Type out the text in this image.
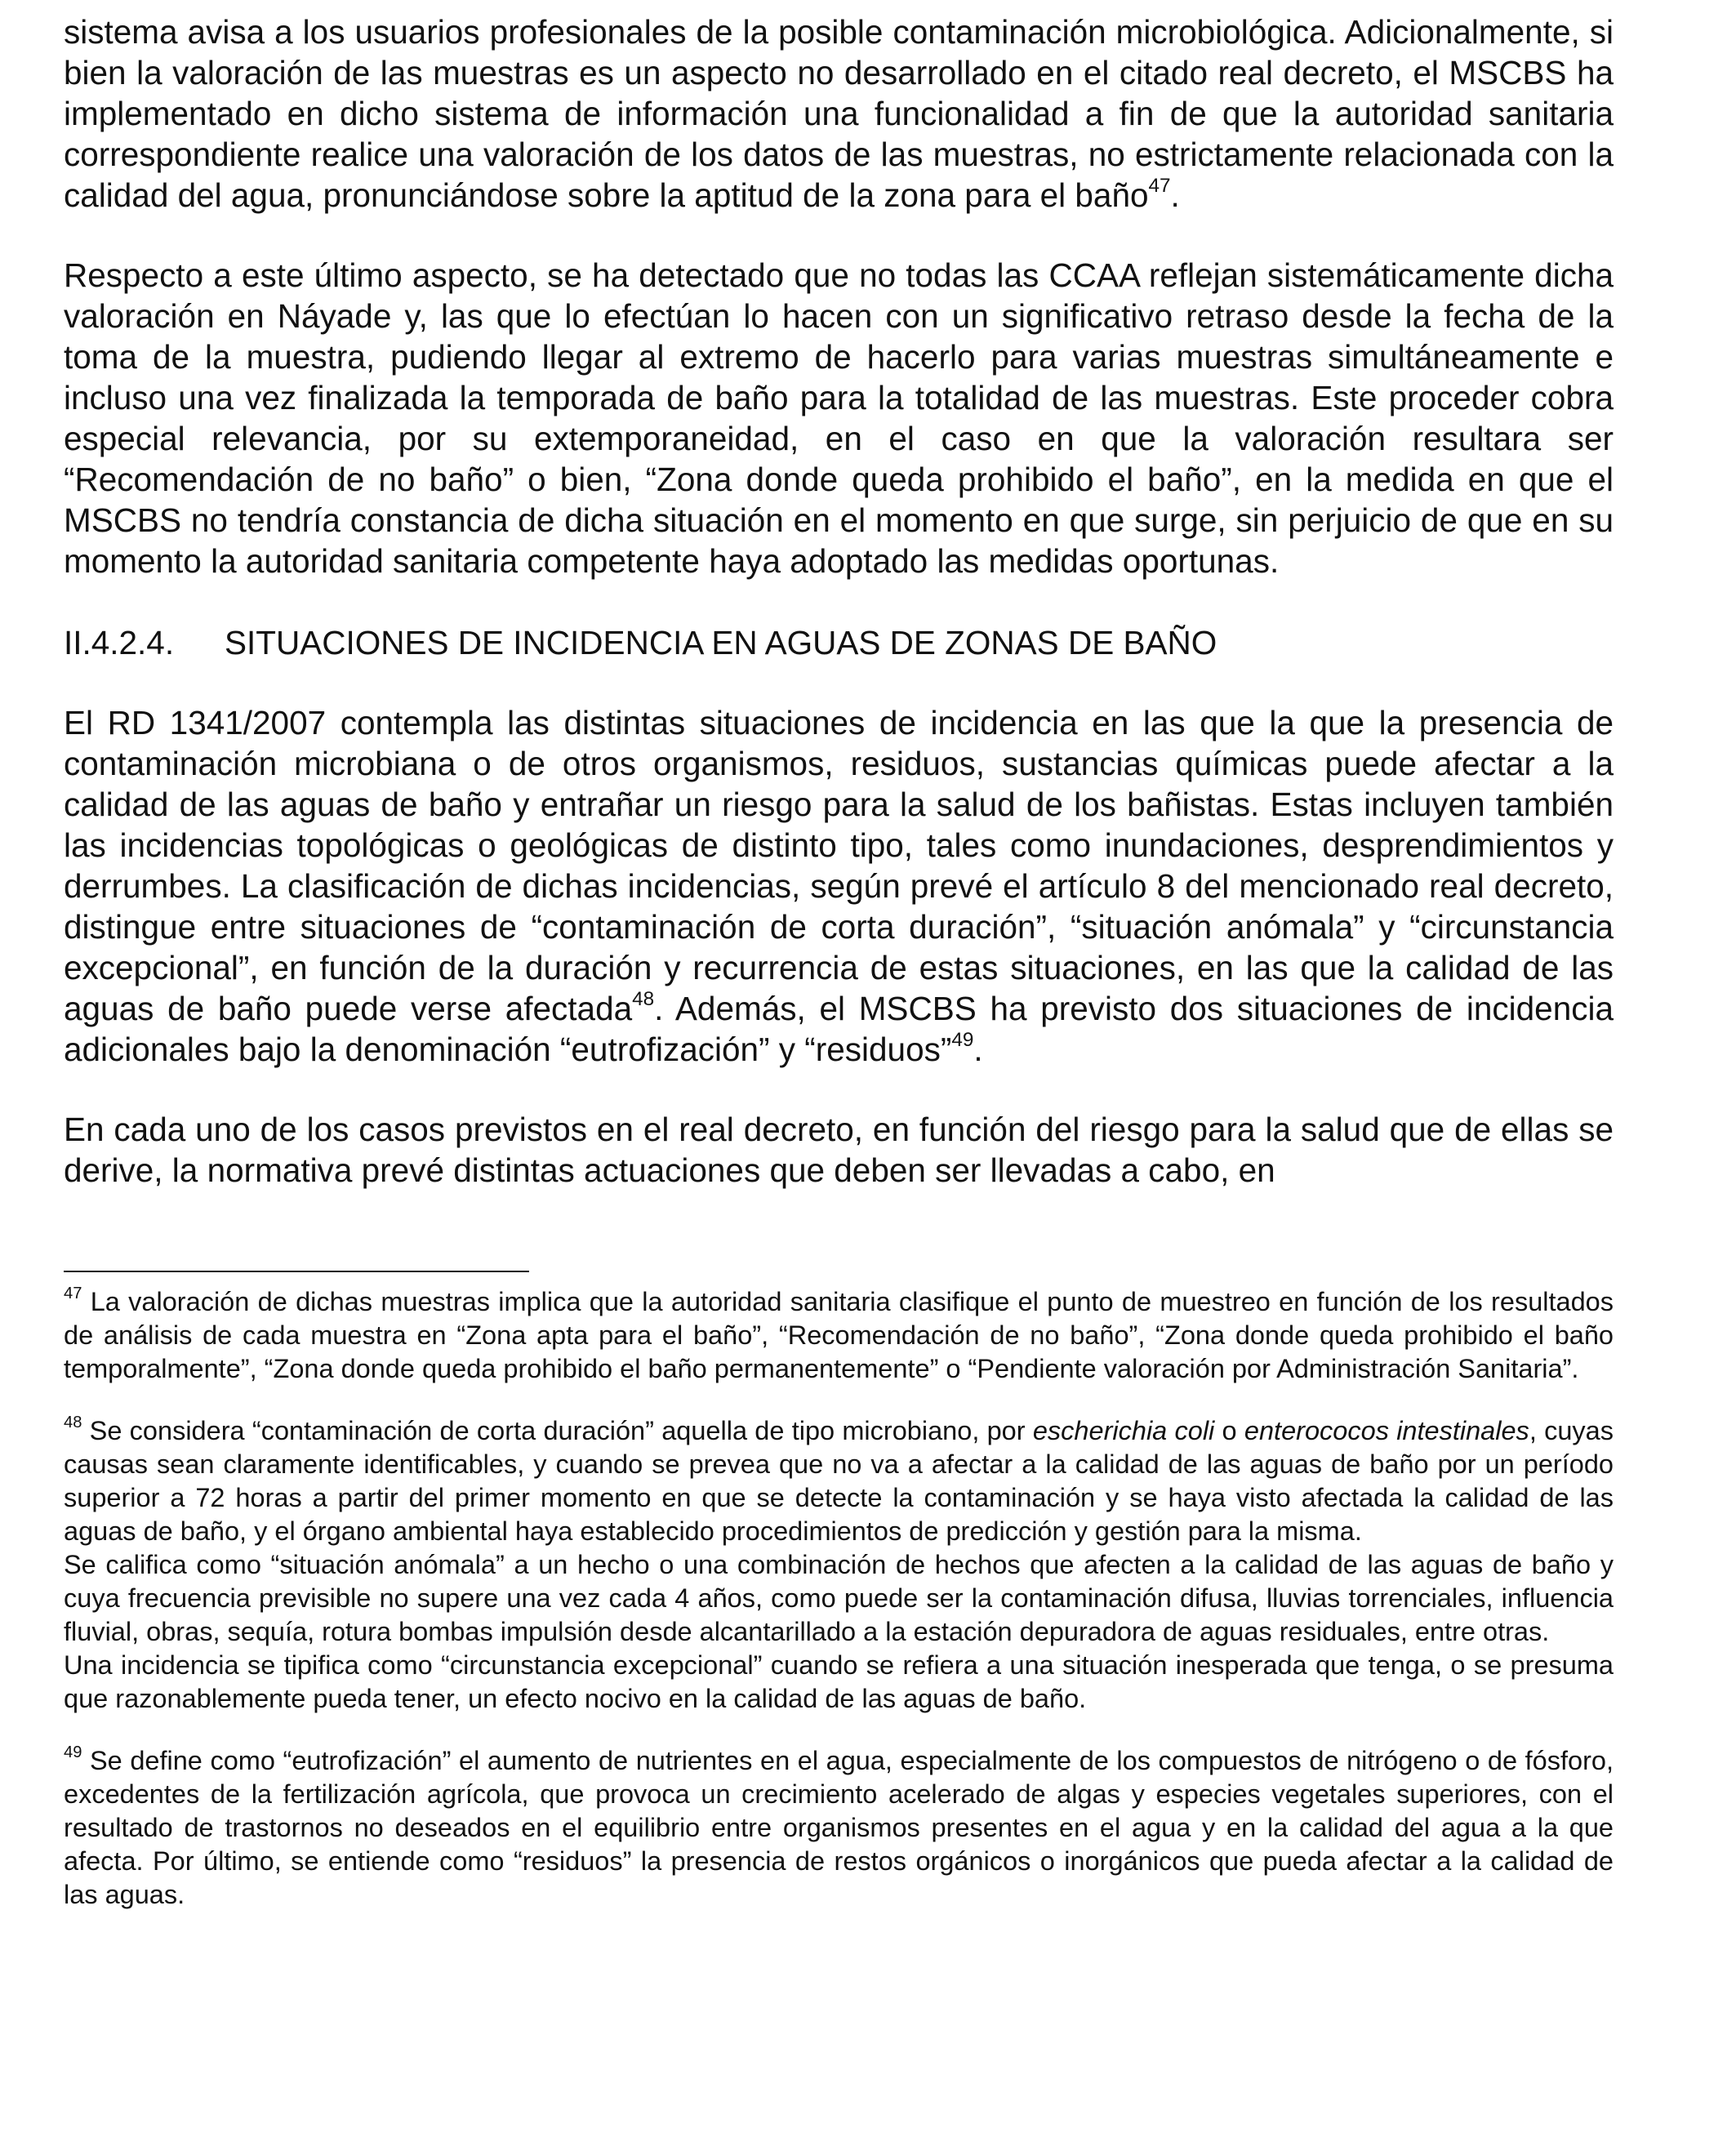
sistema avisa a los usuarios profesionales de la posible contaminación microbiológica. Adicionalmente, si bien la valoración de las muestras es un aspecto no desarrollado en el citado real decreto, el MSCBS ha implementado en dicho sistema de información una funcionalidad a fin de que la autoridad sanitaria correspondiente realice una valoración de los datos de las muestras, no estrictamente relacionada con la calidad del agua, pronunciándose sobre la aptitud de la zona para el baño$^{47}$.

Respecto a este último aspecto, se ha detectado que no todas las CCAA reflejan sistemáticamente dicha valoración en Náyade y, las que lo efectúan lo hacen con un significativo retraso desde la fecha de la toma de la muestra, pudiendo llegar al extremo de hacerlo para varias muestras simultáneamente e incluso una vez finalizada la temporada de baño para la totalidad de las muestras. Este proceder cobra especial relevancia, por su extemporaneidad, en el caso en que la valoración resultara ser “Recomendación de no baño” o bien, “Zona donde queda prohibido el baño”, en la medida en que el MSCBS no tendría constancia de dicha situación en el momento en que surge, sin perjuicio de que en su momento la autoridad sanitaria competente haya adoptado las medidas oportunas.

II.4.2.4.	SITUACIONES DE INCIDENCIA EN AGUAS DE ZONAS DE BAÑO

El RD 1341/2007 contempla las distintas situaciones de incidencia en las que la que la presencia de contaminación microbiana o de otros organismos, residuos, sustancias químicas puede afectar a la calidad de las aguas de baño y entrañar un riesgo para la salud de los bañistas. Estas incluyen también las incidencias topológicas o geológicas de distinto tipo, tales como inundaciones, desprendimientos y derrumbes. La clasificación de dichas incidencias, según prevé el artículo 8 del mencionado real decreto, distingue entre situaciones de “contaminación de corta duración”, “situación anómala” y “circunstancia excepcional”, en función de la duración y recurrencia de estas situaciones, en las que la calidad de las aguas de baño puede verse afectada$^{48}$. Además, el MSCBS ha previsto dos situaciones de incidencia adicionales bajo la denominación “eutrofización” y “residuos”$^{49}$.

En cada uno de los casos previstos en el real decreto, en función del riesgo para la salud que de ellas se derive, la normativa prevé distintas actuaciones que deben ser llevadas a cabo, en

$^{47}$ La valoración de dichas muestras implica que la autoridad sanitaria clasifique el punto de muestreo en función de los resultados de análisis de cada muestra en “Zona apta para el baño”, “Recomendación de no baño”, “Zona donde queda prohibido el baño temporalmente”, “Zona donde queda prohibido el baño permanentemente” o “Pendiente valoración por Administración Sanitaria”.

$^{48}$ Se considera “contaminación de corta duración” aquella de tipo microbiano, por escherichia coli o enterococos intestinales, cuyas causas sean claramente identificables, y cuando se prevea que no va a afectar a la calidad de las aguas de baño por un período superior a 72 horas a partir del primer momento en que se detecte la contaminación y se haya visto afectada la calidad de las aguas de baño, y el órgano ambiental haya establecido procedimientos de predicción y gestión para la misma.

Se califica como “situación anómala” a un hecho o una combinación de hechos que afecten a la calidad de las aguas de baño y cuya frecuencia previsible no supere una vez cada 4 años, como puede ser la contaminación difusa, lluvias torrenciales, influencia fluvial, obras, sequía, rotura bombas impulsión desde alcantarillado a la estación depuradora de aguas residuales, entre otras.

Una incidencia se tipifica como “circunstancia excepcional” cuando se refiera a una situación inesperada que tenga, o se presuma que razonablemente pueda tener, un efecto nocivo en la calidad de las aguas de baño.

$^{49}$ Se define como “eutrofización” el aumento de nutrientes en el agua, especialmente de los compuestos de nitrógeno o de fósforo, excedentes de la fertilización agrícola, que provoca un crecimiento acelerado de algas y especies vegetales superiores, con el resultado de trastornos no deseados en el equilibrio entre organismos presentes en el agua y en la calidad del agua a la que afecta. Por último, se entiende como “residuos” la presencia de restos orgánicos o inorgánicos que pueda afectar a la calidad de las aguas.
